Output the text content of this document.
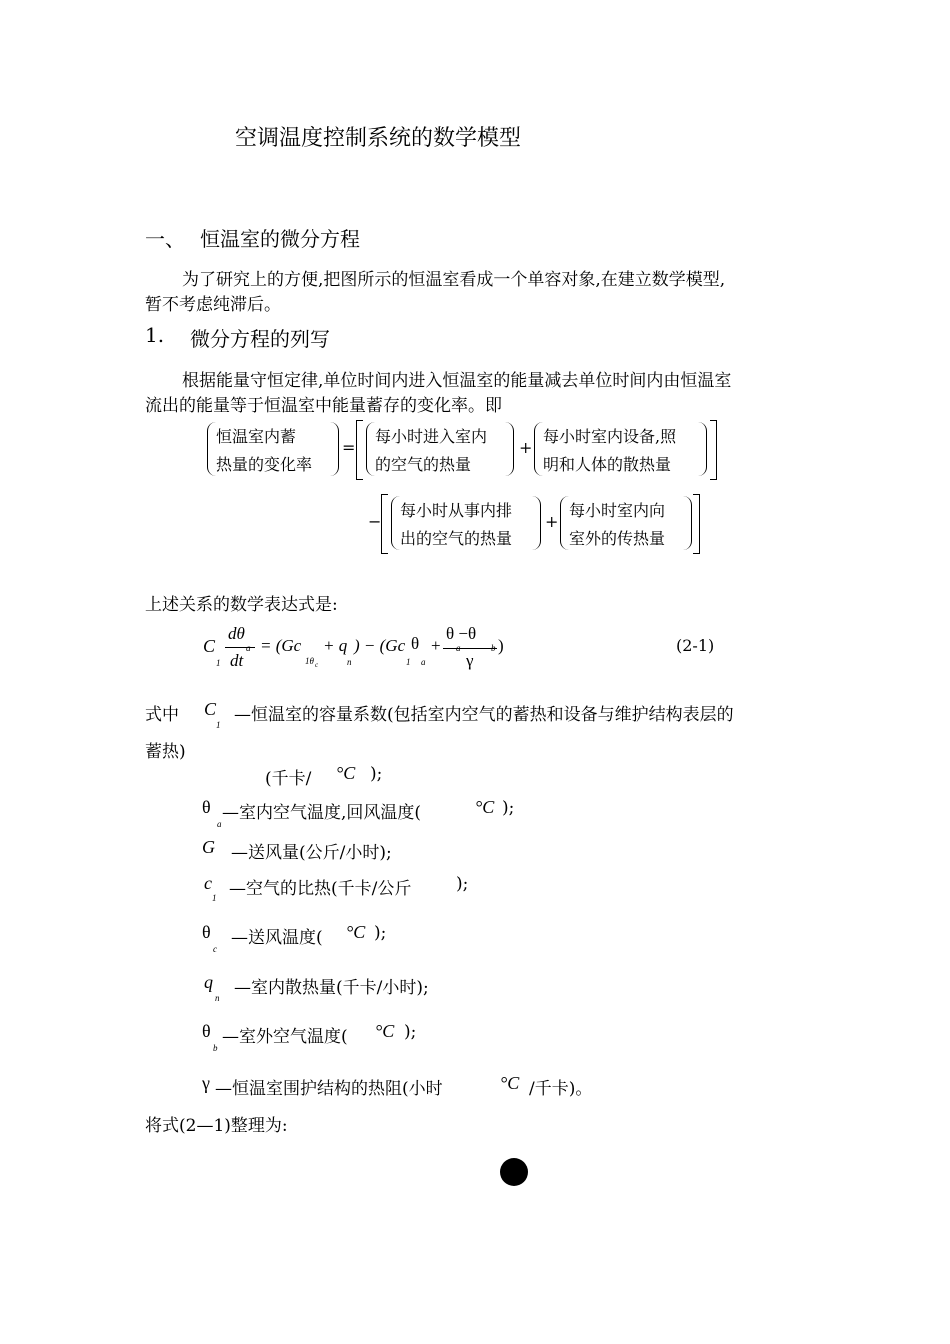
空调温度控制系统的数学模型
一、 恒温室的微分方程
为了研究上的方便,把图所示的恒温室看成一个单容对象,在建立数学模型,
暂不考虑纯滞后。
1. 微分方程的列写
根据能量守恒定律,单位时间内进入恒温室的能量减去单位时间内由恒温室
流出的能量等于恒温室中能量蓄存的变化率。即
恒温室内蓄
热量的变化率
=
每小时进入室内
的空气的热量
+
每小时室内设备,照
明和人体的散热量
−
每小时从事内排
出的空气的热量
+
每小时室内向
室外的传热量
上述关系的数学表达式是:
C
1
dθ
a
dt
= (Gc
1θ c
+ q
n
) − (Gc
1
θ
a
+
θ −θ
a	b
γ
)	(2-1)
式中 C
1 —恒温室的容量系数(包括室内空气的蓄热和设备与维护结构表层的
蓄热)
(千卡/ °C );
θ
a
—室内空气温度,回风温度(	°C );
G —送风量(公斤/小时);
c
1 —空气的比热(千卡/公斤	);
θ
c
—送风温度( °C );
q
n —室内散热量(千卡/小时);
θ
b
—室外空气温度( °C );
γ —恒温室围护结构的热阻(小时	°C /千卡)。
将式(2—1)整理为:
